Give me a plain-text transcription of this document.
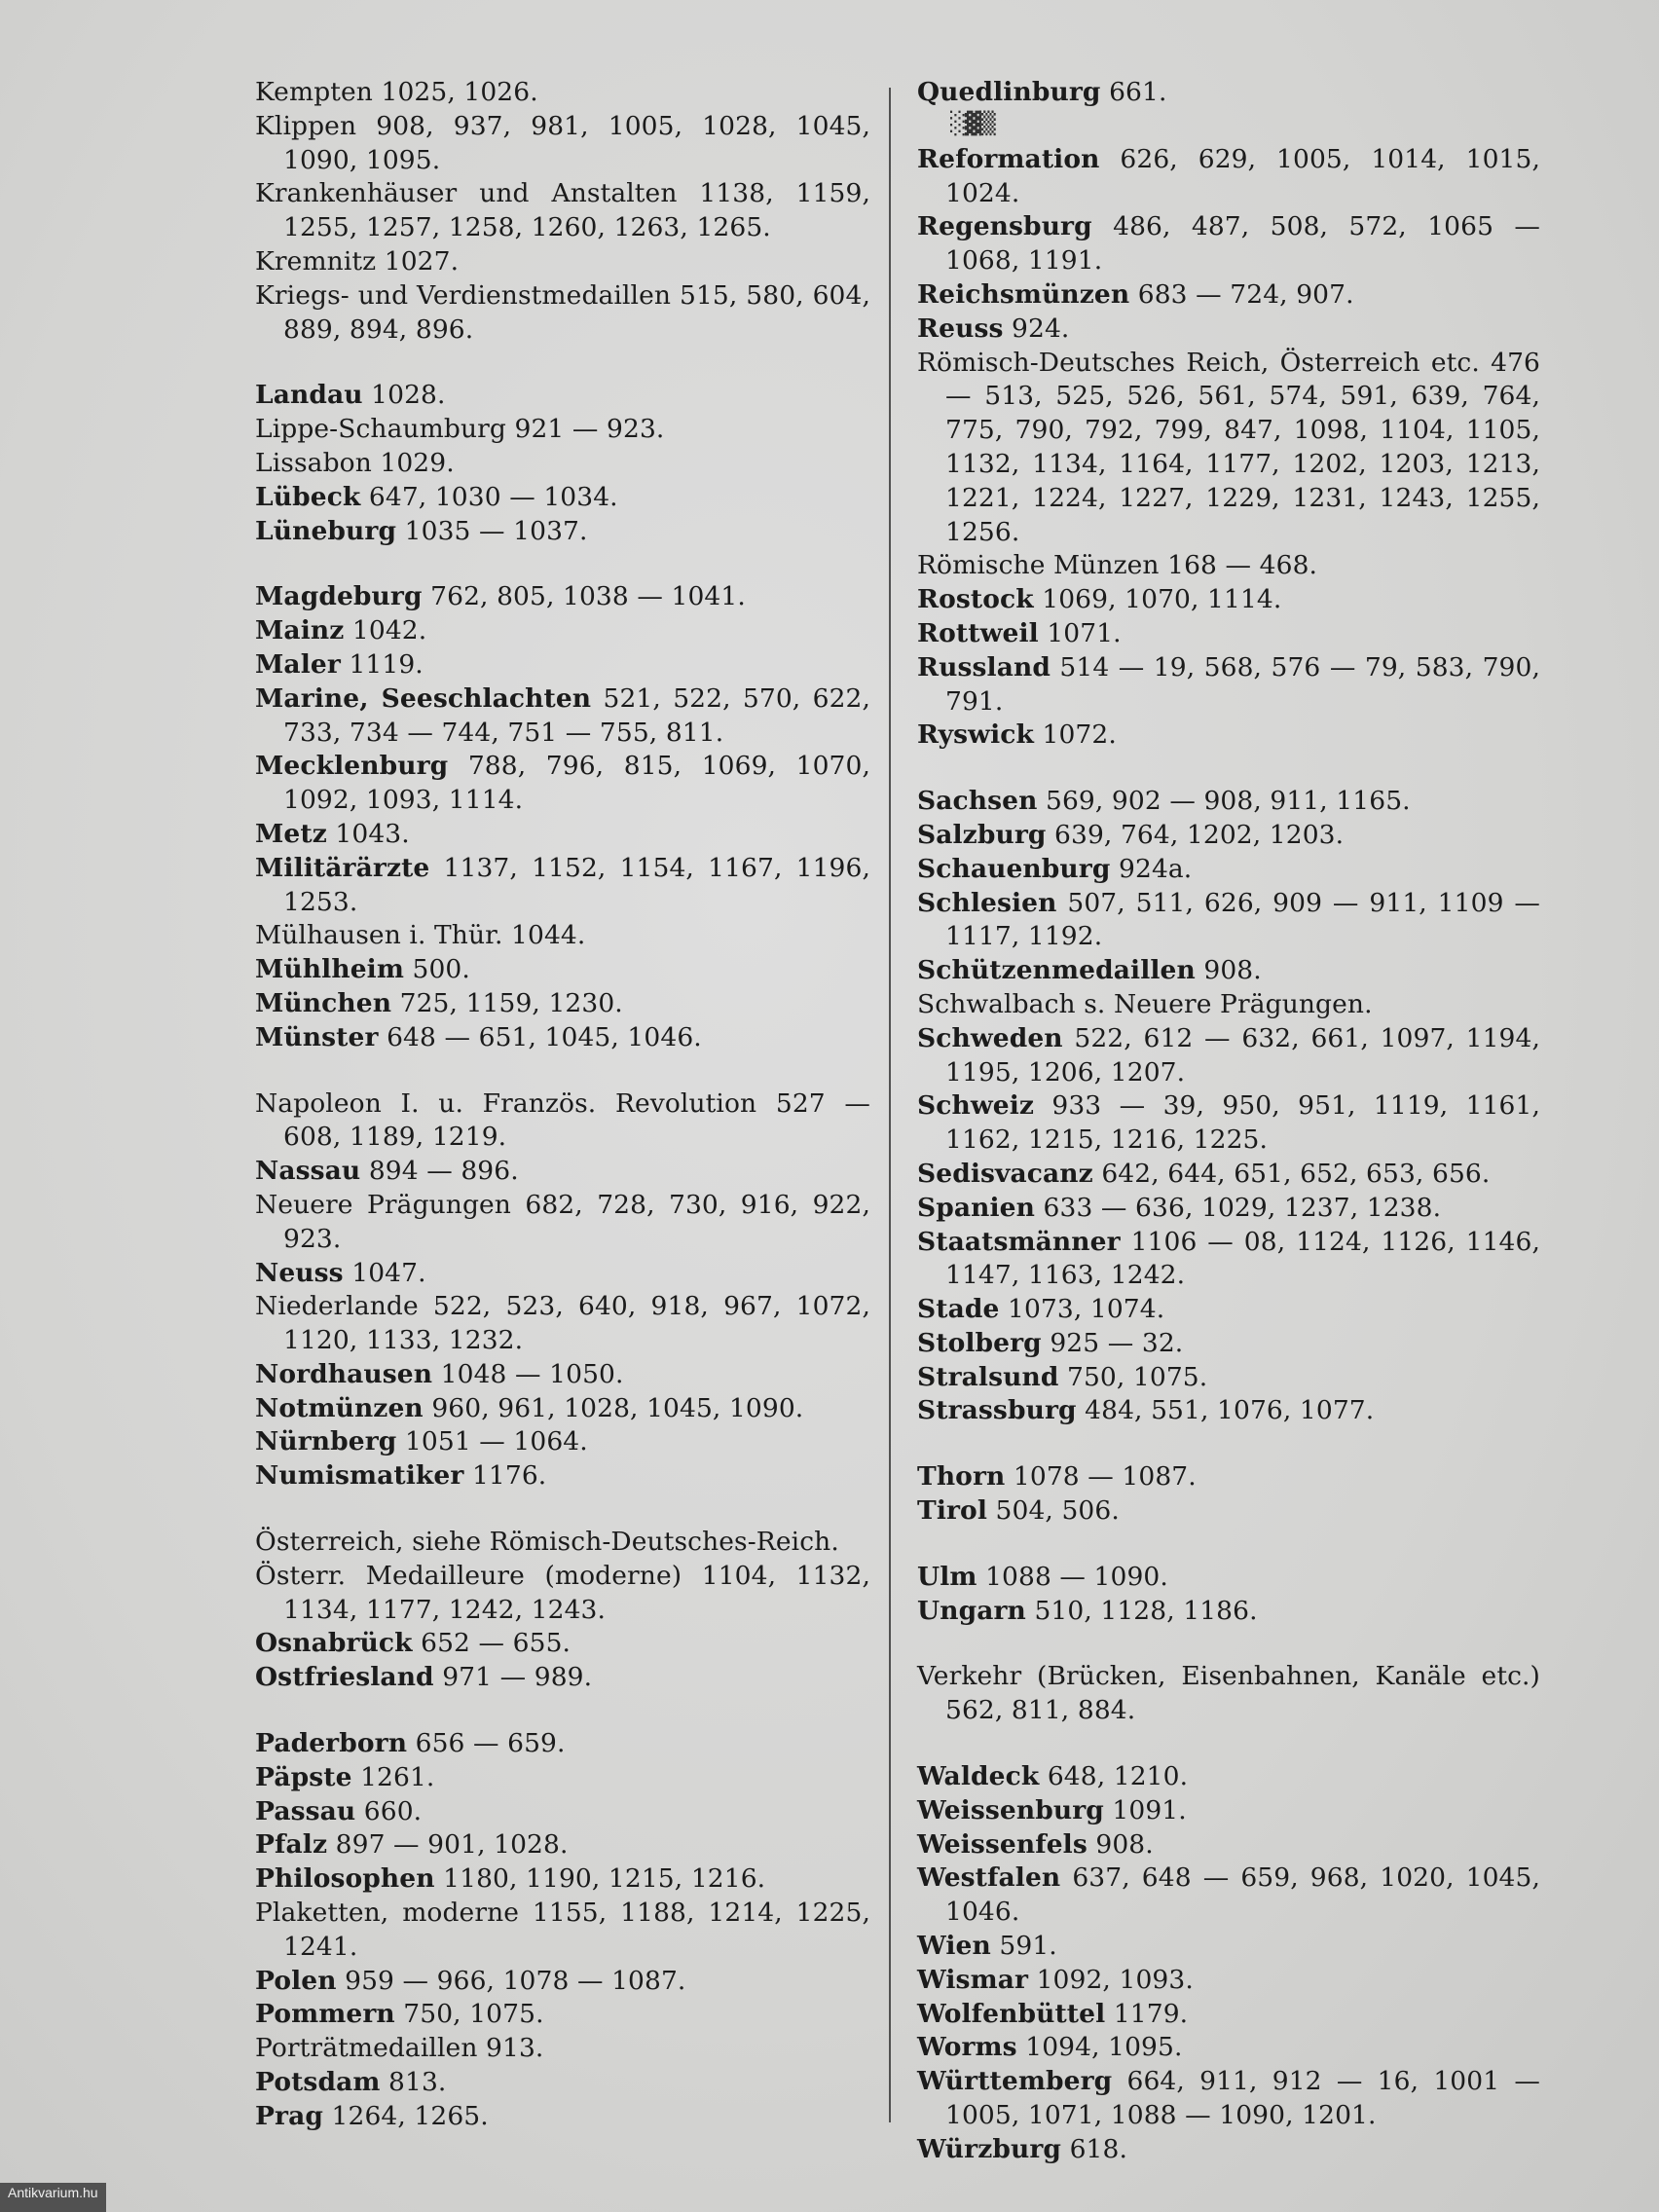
Kempten 1025, 1026.
Klippen 908, 937, 981, 1005, 1028, 1045, 1090, 1095.
Krankenhäuser und Anstalten 1138, 1159, 1255, 1257, 1258, 1260, 1263, 1265.
Kremnitz 1027.
Kriegs- und Verdienstmedaillen 515, 580, 604, 889, 894, 896.
Landau 1028.
Lippe-Schaumburg 921 — 923.
Lissabon 1029.
Lübeck 647, 1030 — 1034.
Lüneburg 1035 — 1037.
Magdeburg 762, 805, 1038 — 1041.
Mainz 1042.
Maler 1119.
Marine, Seeschlachten 521, 522, 570, 622, 733, 734 — 744, 751 — 755, 811.
Mecklenburg 788, 796, 815, 1069, 1070, 1092, 1093, 1114.
Metz 1043.
Militärärzte 1137, 1152, 1154, 1167, 1196, 1253.
Mülhausen i. Thür. 1044.
Mühlheim 500.
München 725, 1159, 1230.
Münster 648 — 651, 1045, 1046.
Napoleon I. u. Französ. Revolution 527 — 608, 1189, 1219.
Nassau 894 — 896.
Neuere Prägungen 682, 728, 730, 916, 922, 923.
Neuss 1047.
Niederlande 522, 523, 640, 918, 967, 1072, 1120, 1133, 1232.
Nordhausen 1048 — 1050.
Notmünzen 960, 961, 1028, 1045, 1090.
Nürnberg 1051 — 1064.
Numismatiker 1176.
Österreich, siehe Römisch-Deutsches-Reich.
Österr. Medailleure (moderne) 1104, 1132, 1134, 1177, 1242, 1243.
Osnabrück 652 — 655.
Ostfriesland 971 — 989.
Paderborn 656 — 659.
Päpste 1261.
Passau 660.
Pfalz 897 — 901, 1028.
Philosophen 1180, 1190, 1215, 1216.
Plaketten, moderne 1155, 1188, 1214, 1225, 1241.
Polen 959 — 966, 1078 — 1087.
Pommern 750, 1075.
Porträtmedaillen 913.
Potsdam 813.
Prag 1264, 1265.
Quedlinburg 661.
░▓▒
Reformation 626, 629, 1005, 1014, 1015, 1024.
Regensburg 486, 487, 508, 572, 1065 — 1068, 1191.
Reichsmünzen 683 — 724, 907.
Reuss 924.
Römisch-Deutsches Reich, Österreich etc. 476 — 513, 525, 526, 561, 574, 591, 639, 764, 775, 790, 792, 799, 847, 1098, 1104, 1105, 1132, 1134, 1164, 1177, 1202, 1203, 1213, 1221, 1224, 1227, 1229, 1231, 1243, 1255, 1256.
Römische Münzen 168 — 468.
Rostock 1069, 1070, 1114.
Rottweil 1071.
Russland 514 — 19, 568, 576 — 79, 583, 790, 791.
Ryswick 1072.
Sachsen 569, 902 — 908, 911, 1165.
Salzburg 639, 764, 1202, 1203.
Schauenburg 924a.
Schlesien 507, 511, 626, 909 — 911, 1109 — 1117, 1192.
Schützenmedaillen 908.
Schwalbach s. Neuere Prägungen.
Schweden 522, 612 — 632, 661, 1097, 1194, 1195, 1206, 1207.
Schweiz 933 — 39, 950, 951, 1119, 1161, 1162, 1215, 1216, 1225.
Sedisvacanz 642, 644, 651, 652, 653, 656.
Spanien 633 — 636, 1029, 1237, 1238.
Staatsmänner 1106 — 08, 1124, 1126, 1146, 1147, 1163, 1242.
Stade 1073, 1074.
Stolberg 925 — 32.
Stralsund 750, 1075.
Strassburg 484, 551, 1076, 1077.
Thorn 1078 — 1087.
Tirol 504, 506.
Ulm 1088 — 1090.
Ungarn 510, 1128, 1186.
Verkehr (Brücken, Eisenbahnen, Kanäle etc.) 562, 811, 884.
Waldeck 648, 1210.
Weissenburg 1091.
Weissenfels 908.
Westfalen 637, 648 — 659, 968, 1020, 1045, 1046.
Wien 591.
Wismar 1092, 1093.
Wolfenbüttel 1179.
Worms 1094, 1095.
Württemberg 664, 911, 912 — 16, 1001 — 1005, 1071, 1088 — 1090, 1201.
Würzburg 618.
Antikvarium.hu
